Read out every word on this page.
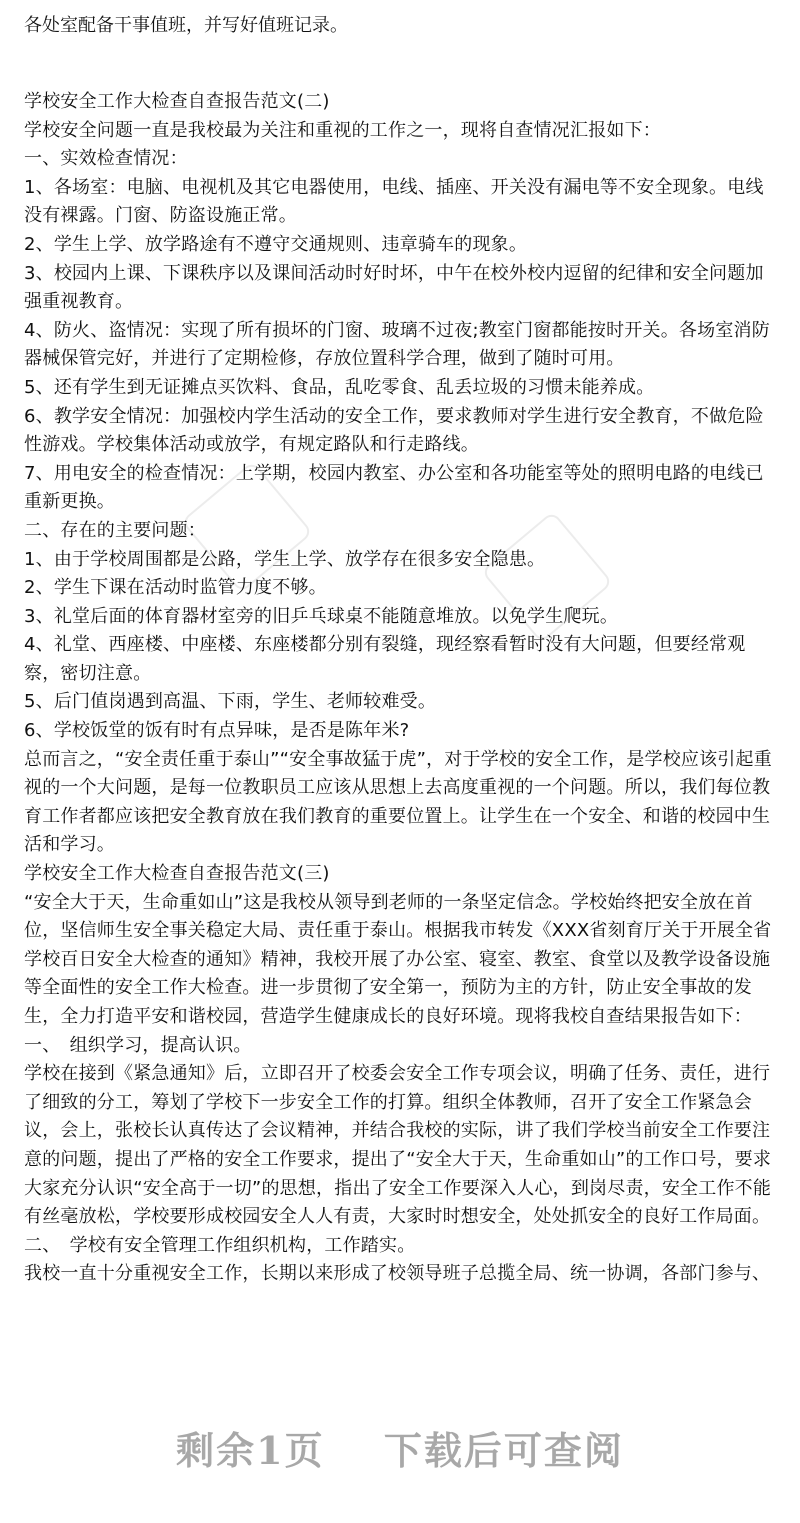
各处室配备干事值班，并写好值班记录。

学校安全工作大检查自查报告范文(二)

学校安全问题一直是我校最为关注和重视的工作之一，现将自查情况汇报如下：

一、实效检查情况：

1、各场室：电脑、电视机及其它电器使用，电线、插座、开关没有漏电等不安全现象。电线没有裸露。门窗、防盗设施正常。

2、学生上学、放学路途有不遵守交通规则、违章骑车的现象。

3、校园内上课、下课秩序以及课间活动时好时坏，中午在校外校内逗留的纪律和安全问题加强重视教育。

4、防火、盗情况：实现了所有损坏的门窗、玻璃不过夜;教室门窗都能按时开关。各场室消防器械保管完好，并进行了定期检修，存放位置科学合理，做到了随时可用。

5、还有学生到无证摊点买饮料、食品，乱吃零食、乱丢垃圾的习惯未能养成。

6、教学安全情况：加强校内学生活动的安全工作，要求教师对学生进行安全教育，不做危险性游戏。学校集体活动或放学，有规定路队和行走路线。

7、用电安全的检查情况：上学期，校园内教室、办公室和各功能室等处的照明电路的电线已重新更换。

二、存在的主要问题：

1、由于学校周围都是公路，学生上学、放学存在很多安全隐患。

2、学生下课在活动时监管力度不够。

3、礼堂后面的体育器材室旁的旧乒乓球桌不能随意堆放。以免学生爬玩。

4、礼堂、西座楼、中座楼、东座楼都分别有裂缝，现经察看暂时没有大问题，但要经常观察，密切注意。

5、后门值岗遇到高温、下雨，学生、老师较难受。

6、学校饭堂的饭有时有点异味，是否是陈年米?

总而言之，“安全责任重于泰山”“安全事故猛于虎”，对于学校的安全工作，是学校应该引起重视的一个大问题，是每一位教职员工应该从思想上去高度重视的一个问题。所以，我们每位教育工作者都应该把安全教育放在我们教育的重要位置上。让学生在一个安全、和谐的校园中生活和学习。

学校安全工作大检查自查报告范文(三)

“安全大于天，生命重如山”这是我校从领导到老师的一条坚定信念。学校始终把安全放在首位，坚信师生安全事关稳定大局、责任重于泰山。根据我市转发《XXX省刻育厅关于开展全省学校百日安全大检查的通知》精神，我校开展了办公室、寝室、教室、食堂以及教学设备设施等全面性的安全工作大检查。进一步贯彻了安全第一，预防为主的方针，防止安全事故的发生，全力打造平安和谐校园，营造学生健康成长的良好环境。现将我校自查结果报告如下：

一、　组织学习，提高认识。

学校在接到《紧急通知》后，立即召开了校委会安全工作专项会议，明确了任务、责任，进行了细致的分工，筹划了学校下一步安全工作的打算。组织全体教师，召开了安全工作紧急会议，会上，张校长认真传达了会议精神，并结合我校的实际，讲了我们学校当前安全工作要注意的问题，提出了严格的安全工作要求，提出了“安全大于天，生命重如山”的工作口号，要求大家充分认识“安全高于一切”的思想，指出了安全工作要深入人心，到岗尽责，安全工作不能有丝毫放松，学校要形成校园安全人人有责，大家时时想安全，处处抓安全的良好工作局面。

二、　学校有安全管理工作组织机构，工作踏实。

我校一直十分重视安全工作，长期以来形成了校领导班子总揽全局、统一协调，各部门参与、

剩余1页 下载后可查阅
